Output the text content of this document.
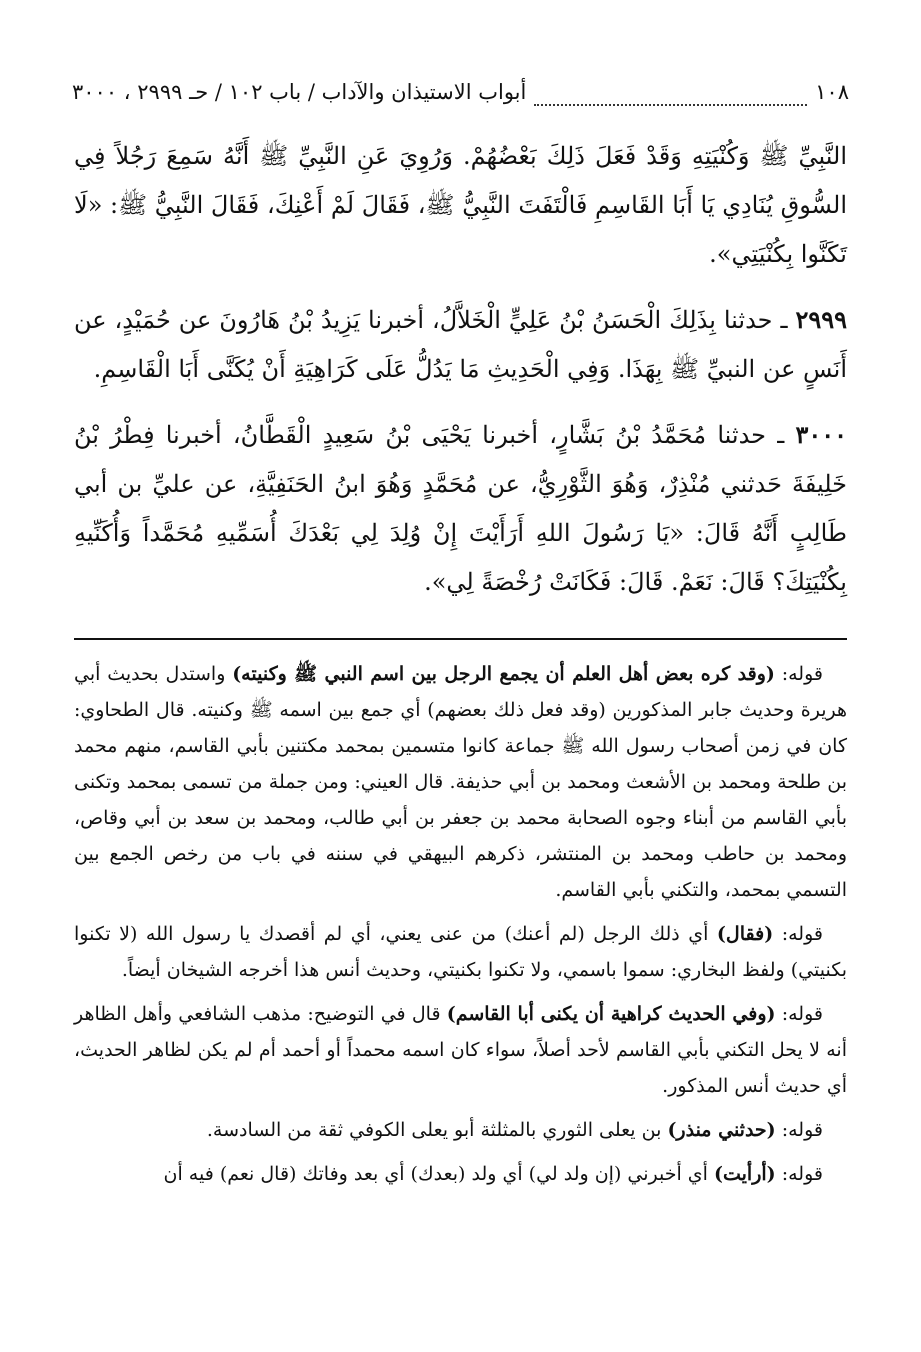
١٠٨
أبواب الاستيذان والآداب / باب ١٠٢ / حـ ٢٩٩٩ ، ٣٠٠٠

النَّبِيِّ ﷺ وَكُنْيَتِهِ وَقَدْ فَعَلَ ذَلِكَ بَعْضُهُمْ. وَرُوِيَ عَنِ النَّبِيِّ ﷺ أَنَّهُ سَمِعَ رَجُلاً فِي السُّوقِ يُنَادِي يَا أَبَا القَاسِمِ فَالْتَفَتَ النَّبِيُّ ﷺ، فَقَالَ لَمْ أَعْنِكَ، فَقَالَ النَّبِيُّ ﷺ: «لَا تَكَنَّوا بِكُنْيَتِي».

٢٩٩٩ ـ حدثنا بِذَلِكَ الْحَسَنُ بْنُ عَلِيٍّ الْخَلاَّلُ، أخبرنا يَزِيدُ بْنُ هَارُونَ عن حُمَيْدٍ، عن أَنَسٍ عن النبيِّ ﷺ بِهَذَا. وَفِي الْحَدِيثِ مَا يَدُلُّ عَلَى كَرَاهِيَةِ أَنْ يُكَنَّى أَبَا الْقَاسِمِ.

٣٠٠٠ ـ حدثنا مُحَمَّدُ بْنُ بَشَّارٍ، أخبرنا يَحْيَى بْنُ سَعِيدٍ الْقَطَّانُ، أخبرنا فِطْرُ بْنُ خَلِيفَةَ حَدثني مُنْذِرٌ، وَهُوَ الثَّوْرِيُّ، عن مُحَمَّدٍ وَهُوَ ابنُ الحَنَفِيَّةِ، عن عليِّ بن أبي طَالِبٍ أَنَّهُ قَالَ: «يَا رَسُولَ اللهِ أَرَأَيْتَ إِنْ وُلِدَ لِي بَعْدَكَ أُسَمِّيهِ مُحَمَّداً وَأُكَنِّيهِ بِكُنْيَتِكَ؟ قَالَ: نَعَمْ. قَالَ: فَكَانَتْ رُخْصَةً لِي».

قوله: (وقد كره بعض أهل العلم أن يجمع الرجل بين اسم النبي ﷺ وكنيته) واستدل بحديث أبي هريرة وحديث جابر المذكورين (وقد فعل ذلك بعضهم) أي جمع بين اسمه ﷺ وكنيته. قال الطحاوي: كان في زمن أصحاب رسول الله ﷺ جماعة كانوا متسمين بمحمد مكتنين بأبي القاسم، منهم محمد بن طلحة ومحمد بن الأشعث ومحمد بن أبي حذيفة. قال العيني: ومن جملة من تسمى بمحمد وتكنى بأبي القاسم من أبناء وجوه الصحابة محمد بن جعفر بن أبي طالب، ومحمد بن سعد بن أبي وقاص، ومحمد بن حاطب ومحمد بن المنتشر، ذكرهم البيهقي في سننه في باب من رخص الجمع بين التسمي بمحمد، والتكني بأبي القاسم.

قوله: (فقال) أي ذلك الرجل (لم أعنك) من عنى يعني، أي لم أقصدك يا رسول الله (لا تكنوا بكنيتي) ولفظ البخاري: سموا باسمي، ولا تكنوا بكنيتي، وحديث أنس هذا أخرجه الشيخان أيضاً.

قوله: (وفي الحديث كراهية أن يكنى أبا القاسم) قال في التوضيح: مذهب الشافعي وأهل الظاهر أنه لا يحل التكني بأبي القاسم لأحد أصلاً، سواء كان اسمه محمداً أو أحمد أم لم يكن لظاهر الحديث، أي حديث أنس المذكور.

قوله: (حدثني منذر) بن يعلى الثوري بالمثلثة أبو يعلى الكوفي ثقة من السادسة.

قوله: (أرأيت) أي أخبرني (إن ولد لي) أي ولد (بعدك) أي بعد وفاتك (قال نعم) فيه أن
